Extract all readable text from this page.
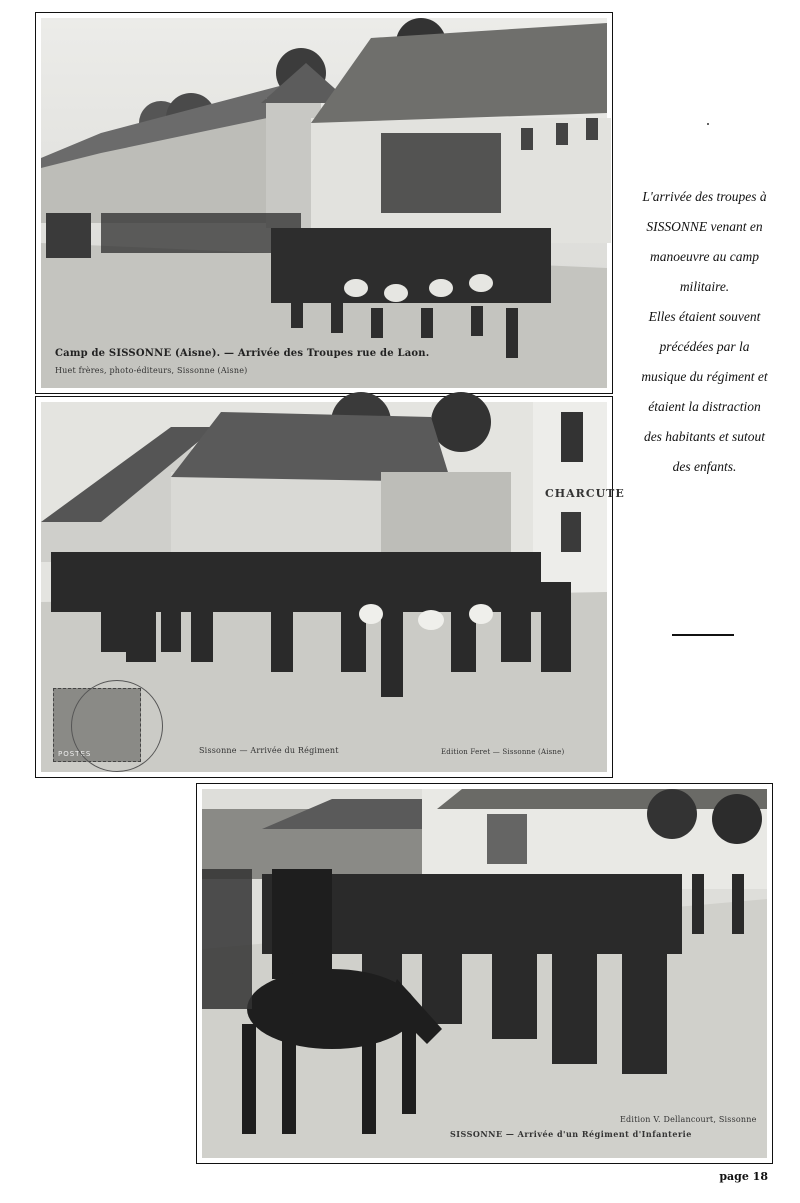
Camp de SISSONNE (Aisne). — Arrivée des Troupes rue de Laon.
Huet frères, photo-éditeurs, Sissonne (Aisne)
CHARCUTE
POSTES	Sissonne — Arrivée du Régiment	Edition Feret — Sissonne (Aisne)
Edition V. Dellancourt, Sissonne
SISSONNE — Arrivée d'un Régiment d'Infanterie
L'arrivée des troupes à
SISSONNE venant en
manoeuvre au camp
militaire.
Elles étaient souvent
précédées par la
musique du régiment et
étaient la distraction
des habitants et sutout
des enfants.
page 18
